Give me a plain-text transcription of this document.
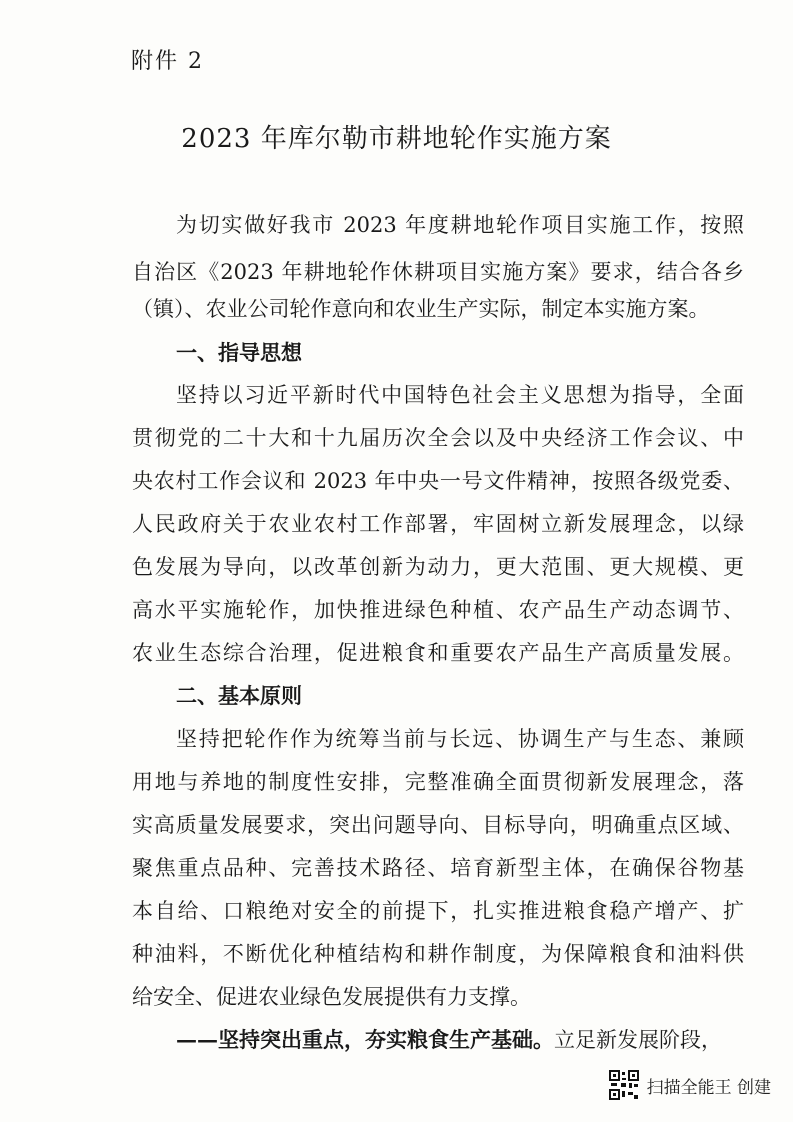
附件 2
2023 年库尔勒市耕地轮作实施方案
为切实做好我市 2023 年度耕地轮作项目实施工作，按照
自治区《2023 年耕地轮作休耕项目实施方案》要求，结合各乡
（镇）、农业公司轮作意向和农业生产实际，制定本实施方案。
一、指导思想
坚持以习近平新时代中国特色社会主义思想为指导，全面
贯彻党的二十大和十九届历次全会以及中央经济工作会议、中
央农村工作会议和 2023 年中央一号文件精神，按照各级党委、
人民政府关于农业农村工作部署，牢固树立新发展理念，以绿
色发展为导向，以改革创新为动力，更大范围、更大规模、更
高水平实施轮作，加快推进绿色种植、农产品生产动态调节、
农业生态综合治理，促进粮食和重要农产品生产高质量发展。
二、基本原则
坚持把轮作作为统筹当前与长远、协调生产与生态、兼顾
用地与养地的制度性安排，完整准确全面贯彻新发展理念，落
实高质量发展要求，突出问题导向、目标导向，明确重点区域、
聚焦重点品种、完善技术路径、培育新型主体，在确保谷物基
本自给、口粮绝对安全的前提下，扎实推进粮食稳产增产、扩
种油料，不断优化种植结构和耕作制度，为保障粮食和油料供
给安全、促进农业绿色发展提供有力支撑。
——坚持突出重点，夯实粮食生产基础。立足新发展阶段，
扫描全能王 创建
